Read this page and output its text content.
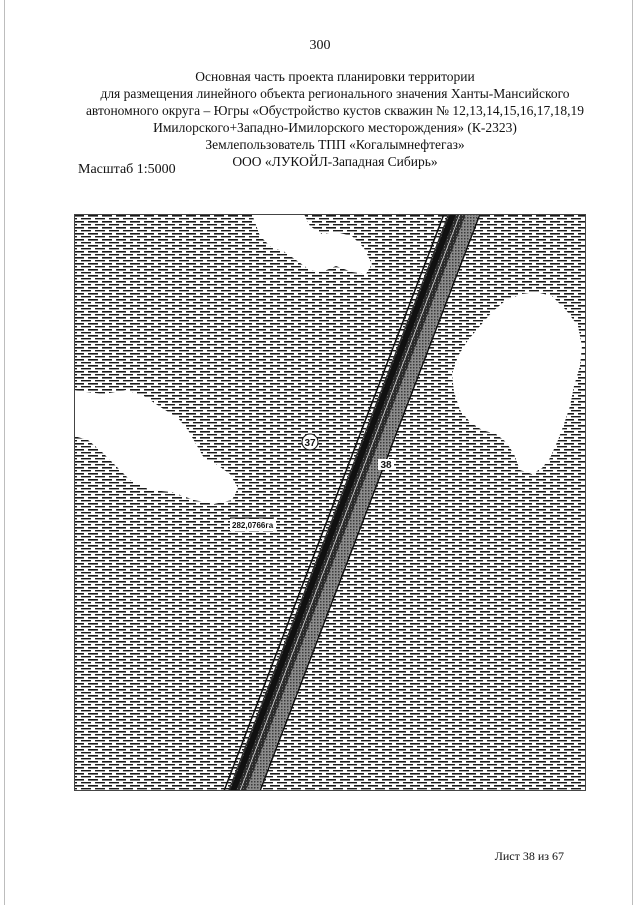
300
Основная часть проекта планировки территории
для размещения линейного объекта регионального значения Ханты-Мансийского
автономного округа – Югры «Обустройство кустов скважин № 12,13,14,15,16,17,18,19
Имилорского+Западно-Имилорского месторождения» (К-2323)
Землепользователь ТПП «Когалымнефтегаз»
ООО «ЛУКОЙЛ-Западная Сибирь»
Масштаб 1:5000
37
38
282,0766га
Лист 38 из 67
